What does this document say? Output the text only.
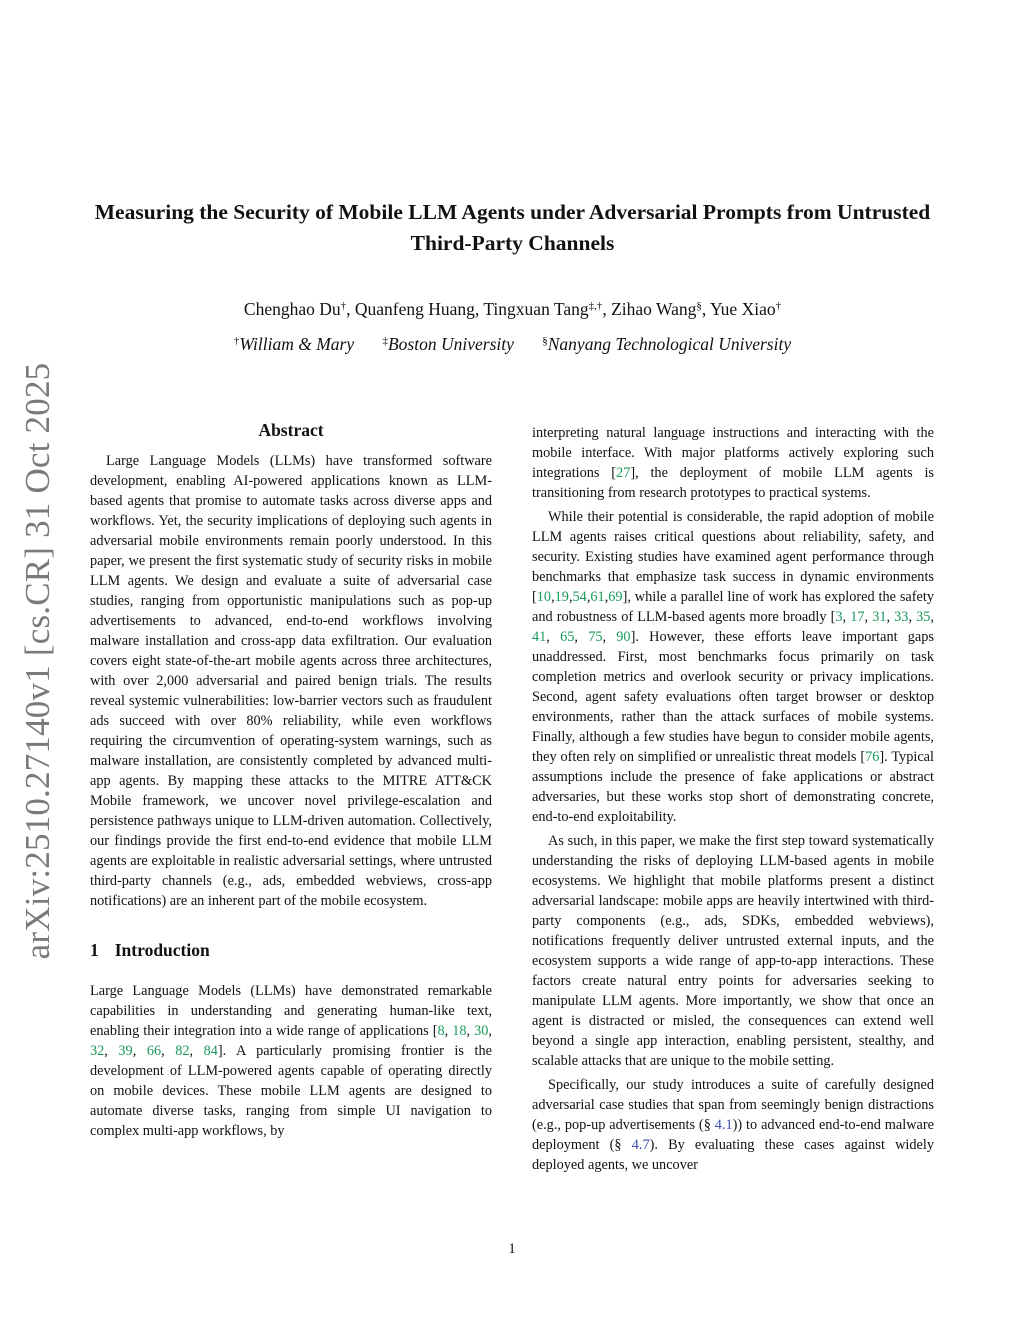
arXiv:2510.27140v1 [cs.CR] 31 Oct 2025
Measuring the Security of Mobile LLM Agents under Adversarial Prompts from Untrusted Third-Party Channels
Chenghao Du†, Quanfeng Huang, Tingxuan Tang‡,†, Zihao Wang§, Yue Xiao†
†William & Mary	‡Boston University	§Nanyang Technological University
Abstract

Large Language Models (LLMs) have transformed software development, enabling AI-powered applications known as LLM-based agents that promise to automate tasks across diverse apps and workflows. Yet, the security implications of deploying such agents in adversarial mobile environments remain poorly understood. In this paper, we present the first systematic study of security risks in mobile LLM agents. We design and evaluate a suite of adversarial case studies, ranging from opportunistic manipulations such as pop-up advertisements to advanced, end-to-end workflows involving malware installation and cross-app data exfiltration. Our evaluation covers eight state-of-the-art mobile agents across three architectures, with over 2,000 adversarial and paired benign trials. The results reveal systemic vulnerabilities: low-barrier vectors such as fraudulent ads succeed with over 80% reliability, while even workflows requiring the circumvention of operating-system warnings, such as malware installation, are consistently completed by advanced multi-app agents. By mapping these attacks to the MITRE ATT&CK Mobile framework, we uncover novel privilege-escalation and persistence pathways unique to LLM-driven automation. Collectively, our findings provide the first end-to-end evidence that mobile LLM agents are exploitable in realistic adversarial settings, where untrusted third-party channels (e.g., ads, embedded webviews, cross-app notifications) are an inherent part of the mobile ecosystem.

1 Introduction

Large Language Models (LLMs) have demonstrated remarkable capabilities in understanding and generating human-like text, enabling their integration into a wide range of applications [8, 18, 30, 32, 39, 66, 82, 84]. A particularly promising frontier is the development of LLM-powered agents capable of operating directly on mobile devices. These mobile LLM agents are designed to automate diverse tasks, ranging from simple UI navigation to complex multi-app workflows, by

interpreting natural language instructions and interacting with the mobile interface. With major platforms actively exploring such integrations [27], the deployment of mobile LLM agents is transitioning from research prototypes to practical systems.

While their potential is considerable, the rapid adoption of mobile LLM agents raises critical questions about reliability, safety, and security. Existing studies have examined agent performance through benchmarks that emphasize task success in dynamic environments [10,19,54,61,69], while a parallel line of work has explored the safety and robustness of LLM-based agents more broadly [3, 17, 31, 33, 35, 41, 65, 75, 90]. However, these efforts leave important gaps unaddressed. First, most benchmarks focus primarily on task completion metrics and overlook security or privacy implications. Second, agent safety evaluations often target browser or desktop environments, rather than the attack surfaces of mobile systems. Finally, although a few studies have begun to consider mobile agents, they often rely on simplified or unrealistic threat models [76]. Typical assumptions include the presence of fake applications or abstract adversaries, but these works stop short of demonstrating concrete, end-to-end exploitability.

As such, in this paper, we make the first step toward systematically understanding the risks of deploying LLM-based agents in mobile ecosystems. We highlight that mobile platforms present a distinct adversarial landscape: mobile apps are heavily intertwined with third-party components (e.g., ads, SDKs, embedded webviews), notifications frequently deliver untrusted external inputs, and the ecosystem supports a wide range of app-to-app interactions. These factors create natural entry points for adversaries seeking to manipulate LLM agents. More importantly, we show that once an agent is distracted or misled, the consequences can extend well beyond a single app interaction, enabling persistent, stealthy, and scalable attacks that are unique to the mobile setting.

Specifically, our study introduces a suite of carefully designed adversarial case studies that span from seemingly benign distractions (e.g., pop-up advertisements (§ 4.1)) to advanced end-to-end malware deployment (§ 4.7). By evaluating these cases against widely deployed agents, we uncover

1
